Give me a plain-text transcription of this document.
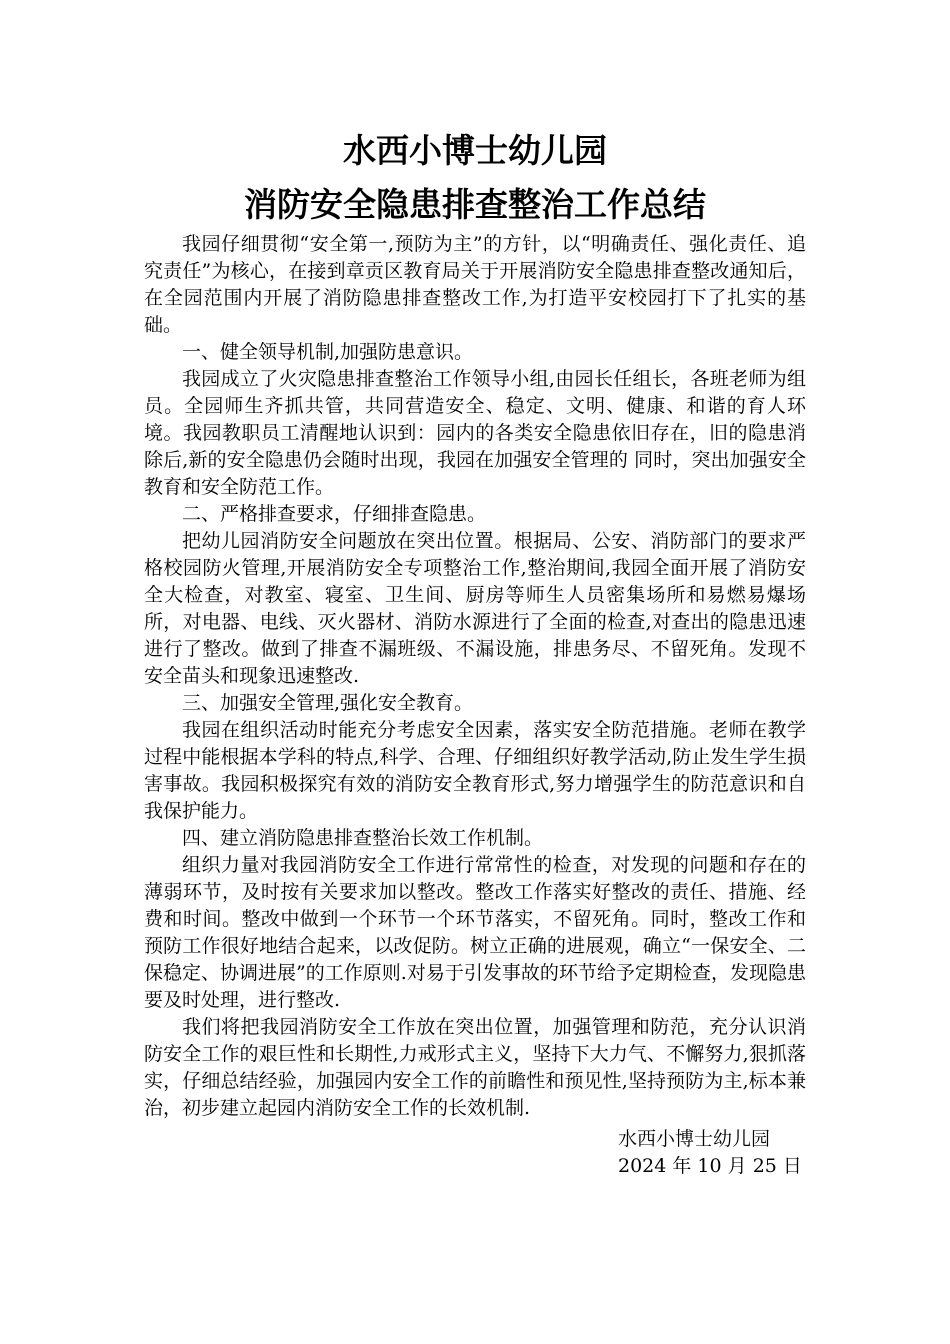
水西小博士幼儿园
消防安全隐患排查整治工作总结

我园仔细贯彻“安全第一,预防为主”的方针，以“明确责任、强化责任、追究责任”为核心，在接到章贡区教育局关于开展消防安全隐患排查整改通知后，在全园范围内开展了消防隐患排查整改工作,为打造平安校园打下了扎实的基础。

一、健全领导机制,加强防患意识。

我园成立了火灾隐患排查整治工作领导小组,由园长任组长，各班老师为组员。全园师生齐抓共管，共同营造安全、稳定、文明、健康、和谐的育人环境。我园教职员工清醒地认识到：园内的各类安全隐患依旧存在，旧的隐患消除后,新的安全隐患仍会随时出现，我园在加强安全管理的 同时，突出加强安全教育和安全防范工作。

二、严格排查要求，仔细排查隐患。

把幼儿园消防安全问题放在突出位置。根据局、公安、消防部门的要求严格校园防火管理,开展消防安全专项整治工作,整治期间,我园全面开展了消防安全大检查，对教室、寝室、卫生间、厨房等师生人员密集场所和易燃易爆场所，对电器、电线、灭火器材、消防水源进行了全面的检查,对查出的隐患迅速进行了整改。做到了排查不漏班级、不漏设施，排患务尽、不留死角。发现不安全苗头和现象迅速整改.

三、加强安全管理,强化安全教育。

我园在组织活动时能充分考虑安全因素，落实安全防范措施。老师在教学过程中能根据本学科的特点,科学、合理、仔细组织好教学活动,防止发生学生损害事故。我园积极探究有效的消防安全教育形式,努力增强学生的防范意识和自我保护能力。

四、建立消防隐患排查整治长效工作机制。

组织力量对我园消防安全工作进行常常性的检查，对发现的问题和存在的薄弱环节，及时按有关要求加以整改。整改工作落实好整改的责任、措施、经费和时间。整改中做到一个环节一个环节落实，不留死角。同时，整改工作和预防工作很好地结合起来，以改促防。树立正确的进展观，确立“一保安全、二保稳定、协调进展”的工作原则.对易于引发事故的环节给予定期检查，发现隐患要及时处理，进行整改.

我们将把我园消防安全工作放在突出位置，加强管理和防范，充分认识消防安全工作的艰巨性和长期性,力戒形式主义，坚持下大力气、不懈努力,狠抓落实，仔细总结经验，加强园内安全工作的前瞻性和预见性,坚持预防为主,标本兼治，初步建立起园内消防安全工作的长效机制.

水西小博士幼儿园
2024 年 10 月 25 日
